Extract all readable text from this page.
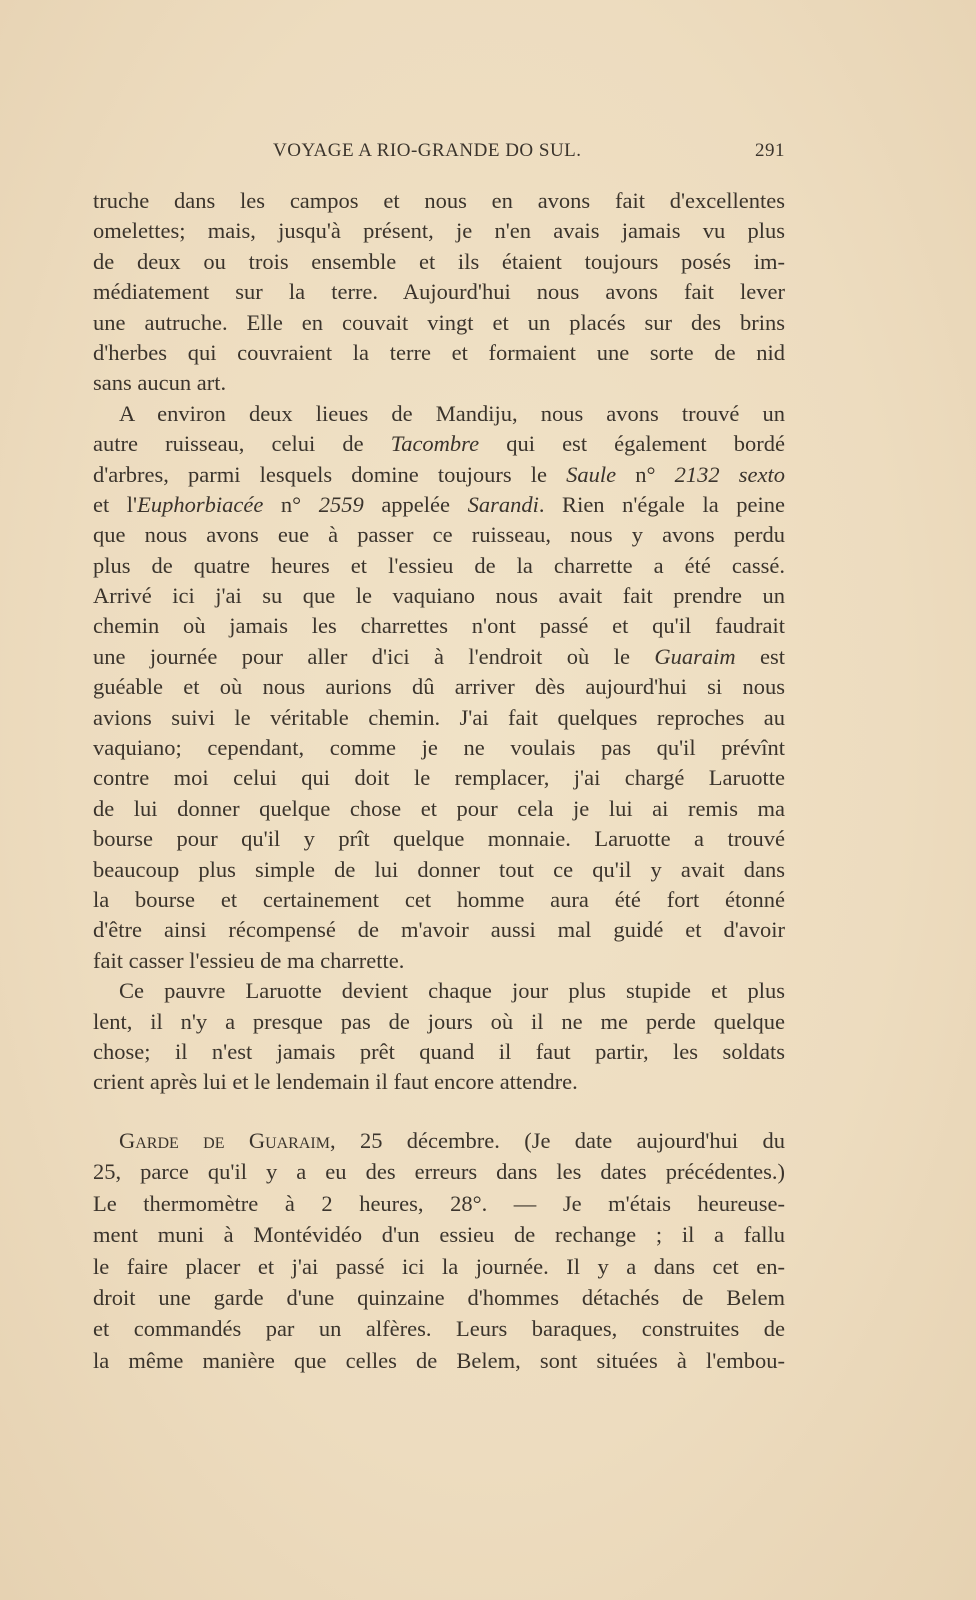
VOYAGE A RIO-GRANDE DO SUL.	291
truche dans les campos et nous en avons fait d'excellentes
omelettes; mais, jusqu'à présent, je n'en avais jamais vu plus
de deux ou trois ensemble et ils étaient toujours posés im-
médiatement sur la terre. Aujourd'hui nous avons fait lever
une autruche. Elle en couvait vingt et un placés sur des brins
d'herbes qui couvraient la terre et formaient une sorte de nid
sans aucun art.
A environ deux lieues de Mandiju, nous avons trouvé un
autre ruisseau, celui de Tacombre qui est également bordé
d'arbres, parmi lesquels domine toujours le Saule n° 2132 sexto
et l'Euphorbiacée n° 2559 appelée Sarandi. Rien n'égale la peine
que nous avons eue à passer ce ruisseau, nous y avons perdu
plus de quatre heures et l'essieu de la charrette a été cassé.
Arrivé ici j'ai su que le vaquiano nous avait fait prendre un
chemin où jamais les charrettes n'ont passé et qu'il faudrait
une journée pour aller d'ici à l'endroit où le Guaraim est
guéable et où nous aurions dû arriver dès aujourd'hui si nous
avions suivi le véritable chemin. J'ai fait quelques reproches au
vaquiano; cependant, comme je ne voulais pas qu'il prévînt
contre moi celui qui doit le remplacer, j'ai chargé Laruotte
de lui donner quelque chose et pour cela je lui ai remis ma
bourse pour qu'il y prît quelque monnaie. Laruotte a trouvé
beaucoup plus simple de lui donner tout ce qu'il y avait dans
la bourse et certainement cet homme aura été fort étonné
d'être ainsi récompensé de m'avoir aussi mal guidé et d'avoir
fait casser l'essieu de ma charrette.
Ce pauvre Laruotte devient chaque jour plus stupide et plus
lent, il n'y a presque pas de jours où il ne me perde quelque
chose; il n'est jamais prêt quand il faut partir, les soldats
crient après lui et le lendemain il faut encore attendre.
Garde de Guaraim, 25 décembre. (Je date aujourd'hui du
25, parce qu'il y a eu des erreurs dans les dates précédentes.)
Le thermomètre à 2 heures, 28°. — Je m'étais heureuse-
ment muni à Montévidéo d'un essieu de rechange ; il a fallu
le faire placer et j'ai passé ici la journée. Il y a dans cet en-
droit une garde d'une quinzaine d'hommes détachés de Belem
et commandés par un alfères. Leurs baraques, construites de
la même manière que celles de Belem, sont situées à l'embou-
